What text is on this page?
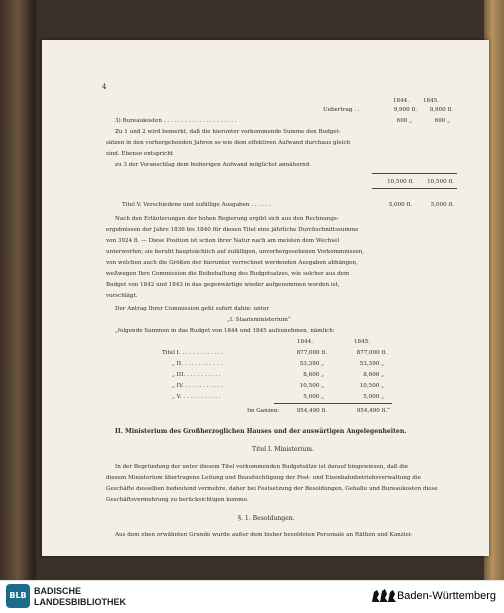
4
1844. 1845.
Uebertrag . .	9,900 fl.	9,900 fl.
3) Bureaukosten . . . . . . . . . . . . . . . . . . . . .	600 „	600 „
Zu 1 und 2 wird bemerkt, daß die hierunter vorkommende Summe den Budget-
sätzen in den vorhergehenden Jahren so wie dem effektiven Aufwand durchaus gleich
sind. Ebenso entspricht
zu 3 der Voranschlag dem bisherigen Aufwand möglichst annähernd.
10,500 fl.	10,500 fl.
Titel V. Verschiedene und zufällige Ausgaben . . . . . .	5,000 fl.	5,000 fl.
Nach den Erläuterungen der hohen Regierung ergibt sich aus den Rechnungs-
ergebnissen der Jahre 1836 bis 1840 für diesen Titel eine jährliche Durchschnittssumme
von 3924 fl. — Diese Position ist schon ihrer Natur nach am meisten dem Wechsel
unterworfen; sie beruht hauptsächlich auf zufälligen, unvorhergesehenen Vorkommnissen,
von welchen auch die Größen der hierunter verrechnet werdenden Ausgaben abhängen,
weßwegen Ihre Commission die Beibehaltung des Budgetsatzes, wie solcher aus dem
Budget von 1842 und 1843 in das gegenwärtige wieder aufgenommen worden ist,
vorschlägt.
Der Antrag Ihrer Commission geht sofort dahin: unter
„I. Staatsministerium“
„folgende Summen in das Budget von 1844 und 1845 aufzunehmen, nämlich:
1844.	1845.
Titel I. . . . . . . . . . . . .	877,000 fl.	877,000 fl.
„ II. . . . . . . . . . . .	53,390 „	53,390 „
„ III. . . . . . . . . . .	8,600 „	8,600 „
„ IV. . . . . . . . . . . .	10,500 „	10,500 „
„ V. . . . . . . . . . . .	5,000 „	5,000 „
Im Ganzen:	954,490 fl.	954,490 fl.“
II. Ministerium des Großherzoglichen Hauses und der auswärtigen Angelegenheiten.
Titel I. Ministerium.
In der Begründung der unter diesem Titel vorkommenden Budgetsätze ist darauf hingewiesen, daß die
diesem Ministerium übertragene Leitung und Beaufsichtigung der Post- und Eisenbahnbetriebsverwaltung die
Geschäfte desselben bedeutend vermehre, daher bei Festsetzung der Besoldungen, Gehalte und Bureaukosten diese
Geschäftsvermehrung zu berücksichtigen komme.
§. 1. Besoldungen.
Aus dem eben erwähnten Grunde wurde außer dem bisher besoldeten Personale an Räthen und Kanzlei-
BLB BADISCHE
LANDESBIBLIOTHEK	Baden-Württemberg
